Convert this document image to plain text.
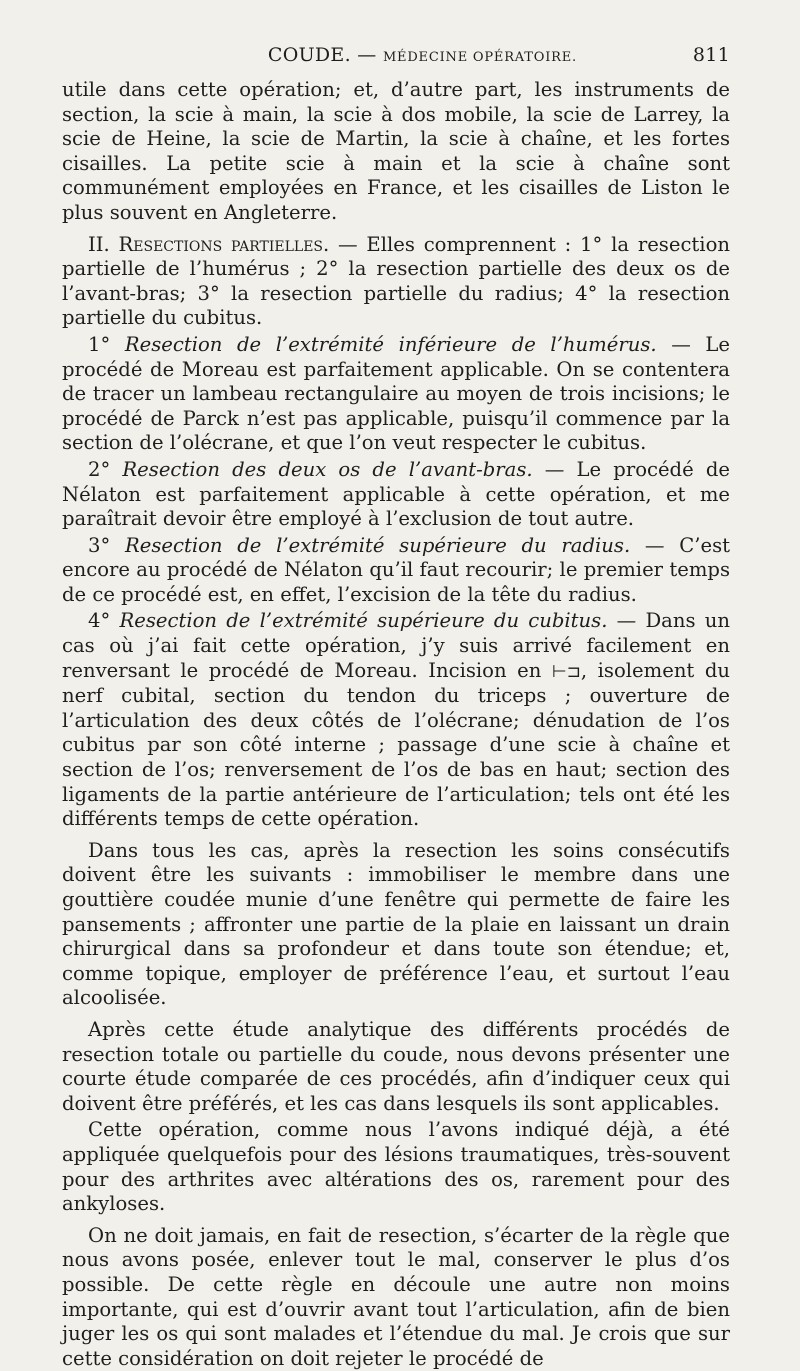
COUDE. — MÉDECINE OPÉRATOIRE.	811

utile dans cette opération; et, d’autre part, les instruments de section, la scie à main, la scie à dos mobile, la scie de Larrey, la scie de Heine, la scie de Martin, la scie à chaîne, et les fortes cisailles. La petite scie à main et la scie à chaîne sont communément employées en France, et les cisailles de Liston le plus souvent en Angleterre.

II. Resections partielles. — Elles comprennent : 1° la resection partielle de l’humérus ; 2° la resection partielle des deux os de l’avant-bras; 3° la resection partielle du radius; 4° la resection partielle du cubitus.

1° Resection de l’extrémité inférieure de l’humérus. — Le procédé de Moreau est parfaitement applicable. On se contentera de tracer un lambeau rectangulaire au moyen de trois incisions; le procédé de Parck n’est pas applicable, puisqu’il commence par la section de l’olécrane, et que l’on veut respecter le cubitus.

2° Resection des deux os de l’avant-bras. — Le procédé de Nélaton est parfaitement applicable à cette opération, et me paraîtrait devoir être employé à l’exclusion de tout autre.

3° Resection de l’extrémité supérieure du radius. — C’est encore au procédé de Nélaton qu’il faut recourir; le premier temps de ce procédé est, en effet, l’excision de la tête du radius.

4° Resection de l’extrémité supérieure du cubitus. — Dans un cas où j’ai fait cette opération, j’y suis arrivé facilement en renversant le procédé de Moreau. Incision en ⊢⊐, isolement du nerf cubital, section du tendon du triceps ; ouverture de l’articulation des deux côtés de l’olécrane; dénudation de l’os cubitus par son côté interne ; passage d’une scie à chaîne et section de l’os; renversement de l’os de bas en haut; section des ligaments de la partie antérieure de l’articulation; tels ont été les différents temps de cette opération.

Dans tous les cas, après la resection les soins consécutifs doivent être les suivants : immobiliser le membre dans une gouttière coudée munie d’une fenêtre qui permette de faire les pansements ; affronter une partie de la plaie en laissant un drain chirurgical dans sa profondeur et dans toute son étendue; et, comme topique, employer de préférence l’eau, et surtout l’eau alcoolisée.

Après cette étude analytique des différents procédés de resection totale ou partielle du coude, nous devons présenter une courte étude comparée de ces procédés, afin d’indiquer ceux qui doivent être préférés, et les cas dans lesquels ils sont applicables.

Cette opération, comme nous l’avons indiqué déjà, a été appliquée quelquefois pour des lésions traumatiques, très-souvent pour des arthrites avec altérations des os, rarement pour des ankyloses.

On ne doit jamais, en fait de resection, s’écarter de la règle que nous avons posée, enlever tout le mal, conserver le plus d’os possible. De cette règle en découle une autre non moins importante, qui est d’ouvrir avant tout l’articulation, afin de bien juger les os qui sont malades et l’étendue du mal. Je crois que sur cette considération on doit rejeter le procédé de
